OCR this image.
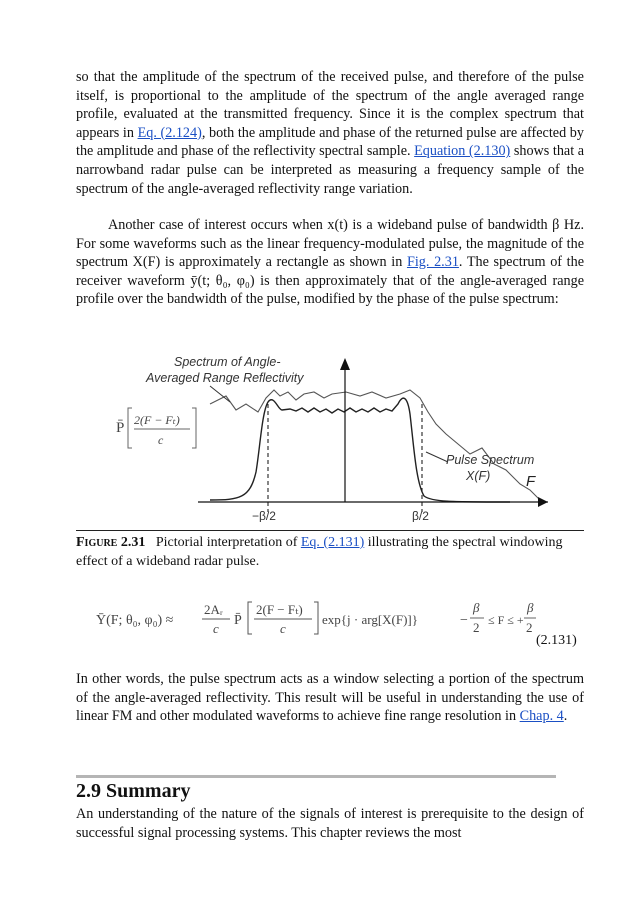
so that the amplitude of the spectrum of the received pulse, and therefore of the pulse itself, is proportional to the amplitude of the spectrum of the angle averaged range profile, evaluated at the transmitted frequency. Since it is the complex spectrum that appears in Eq. (2.124), both the amplitude and phase of the returned pulse are affected by the amplitude and phase of the reflectivity spectral sample. Equation (2.130) shows that a narrowband radar pulse can be interpreted as measuring a frequency sample of the spectrum of the angle-averaged reflectivity range variation.

Another case of interest occurs when x(t) is a wideband pulse of bandwidth β Hz. For some waveforms such as the linear frequency-modulated pulse, the magnitude of the spectrum X(F) is approximately a rectangle as shown in Fig. 2.31. The spectrum of the receiver waveform ȳ(t; θ₀, φ₀) is then approximately that of the angle-averaged range profile over the bandwidth of the pulse, modified by the phase of the pulse spectrum:

Spectrum of Angle-
Averaged Range Reflectivity
Pulse Spectrum
X(F) F
−β/2	β/2
P̄ 2(F − Fₜ)
c
Figure 2.31 Pictorial interpretation of Eq. (2.131) illustrating the spectral windowing effect of a wideband radar pulse.
Ȳ(F; θ₀, φ₀) ≈
2Aᵣ
c
P̄
2(F − Fₜ)
c
exp{j · arg[X(F)]}	−
β
2 ≤ F ≤ +
β
2
(2.131)

In other words, the pulse spectrum acts as a window selecting a portion of the spectrum of the angle-averaged reflectivity. This result will be useful in understanding the use of linear FM and other modulated waveforms to achieve fine range resolution in Chap. 4.

2.9 Summary

An understanding of the nature of the signals of interest is prerequisite to the design of successful signal processing systems. This chapter reviews the most
